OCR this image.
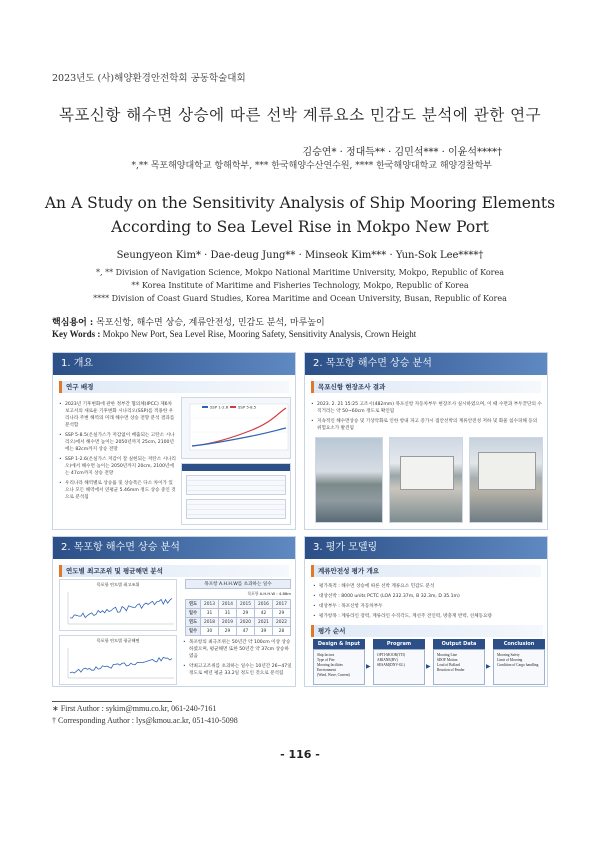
2023년도 (사)해양환경안전학회 공동학술대회
목포신항 해수면 상승에 따른 선박 계류요소 민감도 분석에 관한 연구
김승연* · 정대득** · 김민석*** · 이윤석****†
*,** 목포해양대학교 항해학부, *** 한국해양수산연수원, **** 한국해양대학교 해양경찰학부
An A Study on the Sensitivity Analysis of Ship Mooring Elements
According to Sea Level Rise in Mokpo New Port
Seungyeon Kim* · Dae-deug Jung** · Minseok Kim*** · Yun-Sok Lee****†
*, ** Division of Navigation Science, Mokpo National Maritime University, Mokpo, Republic of Korea
** Korea Institute of Maritime and Fisheries Technology, Mokpo, Republic of Korea
**** Division of Coast Guard Studies, Korea Maritime and Ocean University, Busan, Republic of Korea
핵심용어 : 목포신항, 해수면 상승, 계류안전성, 민감도 분석, 마루높이
Key Words : Mokpo New Port, Sea Level Rise, Mooring Safety, Sensitivity Analysis, Crown Height
1. 개요
연구 배경
• 2023년 기후변화에 관한 정부간 협의체(IPCC) 제6차 보고서의 새로운 기후변화 시나리오(SSP)를 적용한 우리나라 주변 해역의 미래 해수면 상승 전망 분석 결과를 분석함
• SSP 5-8.5(온실가스가 저감없이 배출되는 고탄소 시나리오)에서 해수면 높이는 2050년까지 25cm, 2100년에는 82cm까지 상승 전망
• SSP 1-2.6(온실가스 저감이 잘 실현되는 저탄소 시나리오)에서 해수면 높이는 2050년까지 20cm, 2100년에는 47cm까지 상승 전망
• 우리나라 해역별로 상승률 및 상승폭은 다소 차이가 있으나 모든 해역에서 연평균 5.46mm 정도 상승 중인 것으로 분석됨
SSP 1-2.6	SSP 5-8.5
2. 목포항 해수면 상승 분석
목포신항 현장조사 결과
• 2023. 2. 21 15:25 고조시(482mm) 목포신항 자동차부두 현장조사 실시하였으며, 이 때 수면과 부두끝단의 수직거리는 약 50~60cm 정도로 확인됨
• 지속적인 해수면상승 및 기상악화로 인한 항내 파고 증가시 접안선박의 계류안전성 저하 및 화물 침수피해 등의 위험요소가 발견됨
2. 목포항 해수면 상승 분석
연도별 최고조위 및 평균해면 분석
목포항 연도별 최고조위
목포항 연도별 평균해면
목포항 A.H.H.W를 초과하는 일수
목포항 A.H.H.W : 4.86m
연도	2013	2014	2015	2016	2017
일수	31	31	29	42	29
연도	2018	2019	2020	2021	2022
일수	30	29	47	39	28
• 목포항의 최극조위는 50년간 약 100cm 이상 상승하였으며, 평균해면 또한 50년간 약 37cm 상승하였음
• 약최고고조위를 초과하는 일수는 10년간 26~47일 정도로 매년 평균 33.2일 정도인 것으로 분석됨
3. 평가 모델링
계류안전성 평가 개요
• 평가목적 : 해수면 상승에 따른 선박 계류요소 민감도 분석
• 대상선박 : 8000 units PCTC (LOA 232.37m, B 32.3m, D 35.1m)
• 대상부두 : 목포신항 자동차부두
• 평가항목 : 계류라인 장력, 계류라인 수직각도, 계선주 견인력, 방충재 반력, 선체동요량
평가 순서
Design & Input
Ship factors
Type of Pier
Mooring facilities
Environment
(Wind, Wave, Current)
▶
Program
OPTI-MOOR(TTI)
ARIANE(BV)
SESAM(DNV-GL)	▶
Output Data
Mooring Line
6DOF Motion
Load of Bollard
Reaction of Fender	▶
Conclusion
Mooring Safety
Limit of Mooring
Condition of Cargo handling
∗ First Author : sykim@mmu.co.kr, 061-240-7161
† Corresponding Author : lys@kmou.ac.kr, 051-410-5098
- 116 -
